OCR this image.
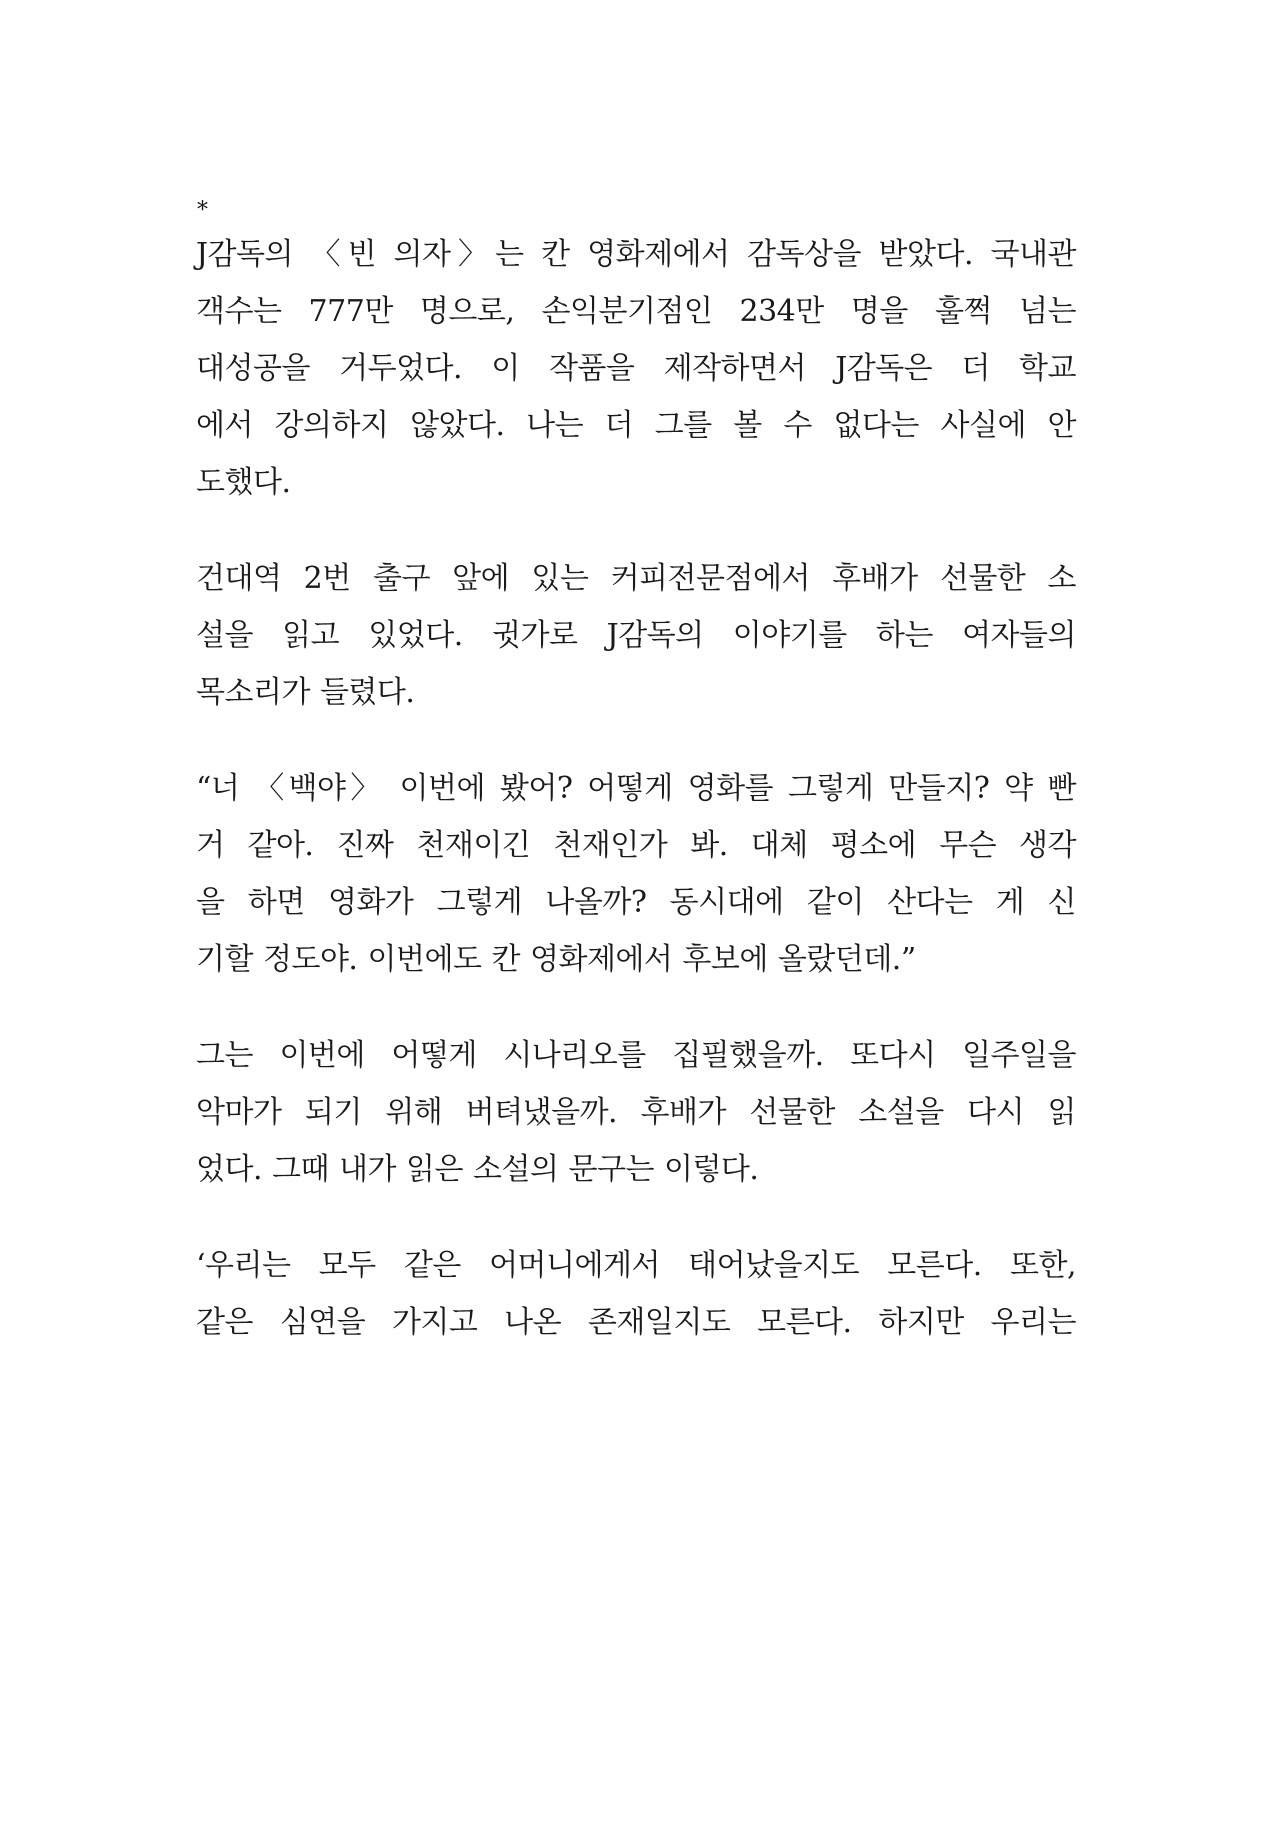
*

J감독의 〈빈 의자〉는 칸 영화제에서 감독상을 받았다. 국내관
객수는 777만 명으로, 손익분기점인 234만 명을 훌쩍 넘는
대성공을 거두었다. 이 작품을 제작하면서 J감독은 더 학교
에서 강의하지 않았다. 나는 더 그를 볼 수 없다는 사실에 안
도했다.

건대역 2번 출구 앞에 있는 커피전문점에서 후배가 선물한 소
설을 읽고 있었다. 귓가로 J감독의 이야기를 하는 여자들의
목소리가 들렸다.

“너 〈백야〉 이번에 봤어? 어떻게 영화를 그렇게 만들지? 약 빤
거 같아. 진짜 천재이긴 천재인가 봐. 대체 평소에 무슨 생각
을 하면 영화가 그렇게 나올까? 동시대에 같이 산다는 게 신
기할 정도야. 이번에도 칸 영화제에서 후보에 올랐던데.”

그는 이번에 어떻게 시나리오를 집필했을까. 또다시 일주일을
악마가 되기 위해 버텨냈을까. 후배가 선물한 소설을 다시 읽
었다. 그때 내가 읽은 소설의 문구는 이렇다.

‘우리는 모두 같은 어머니에게서 태어났을지도 모른다. 또한,
같은 심연을 가지고 나온 존재일지도 모른다. 하지만 우리는
